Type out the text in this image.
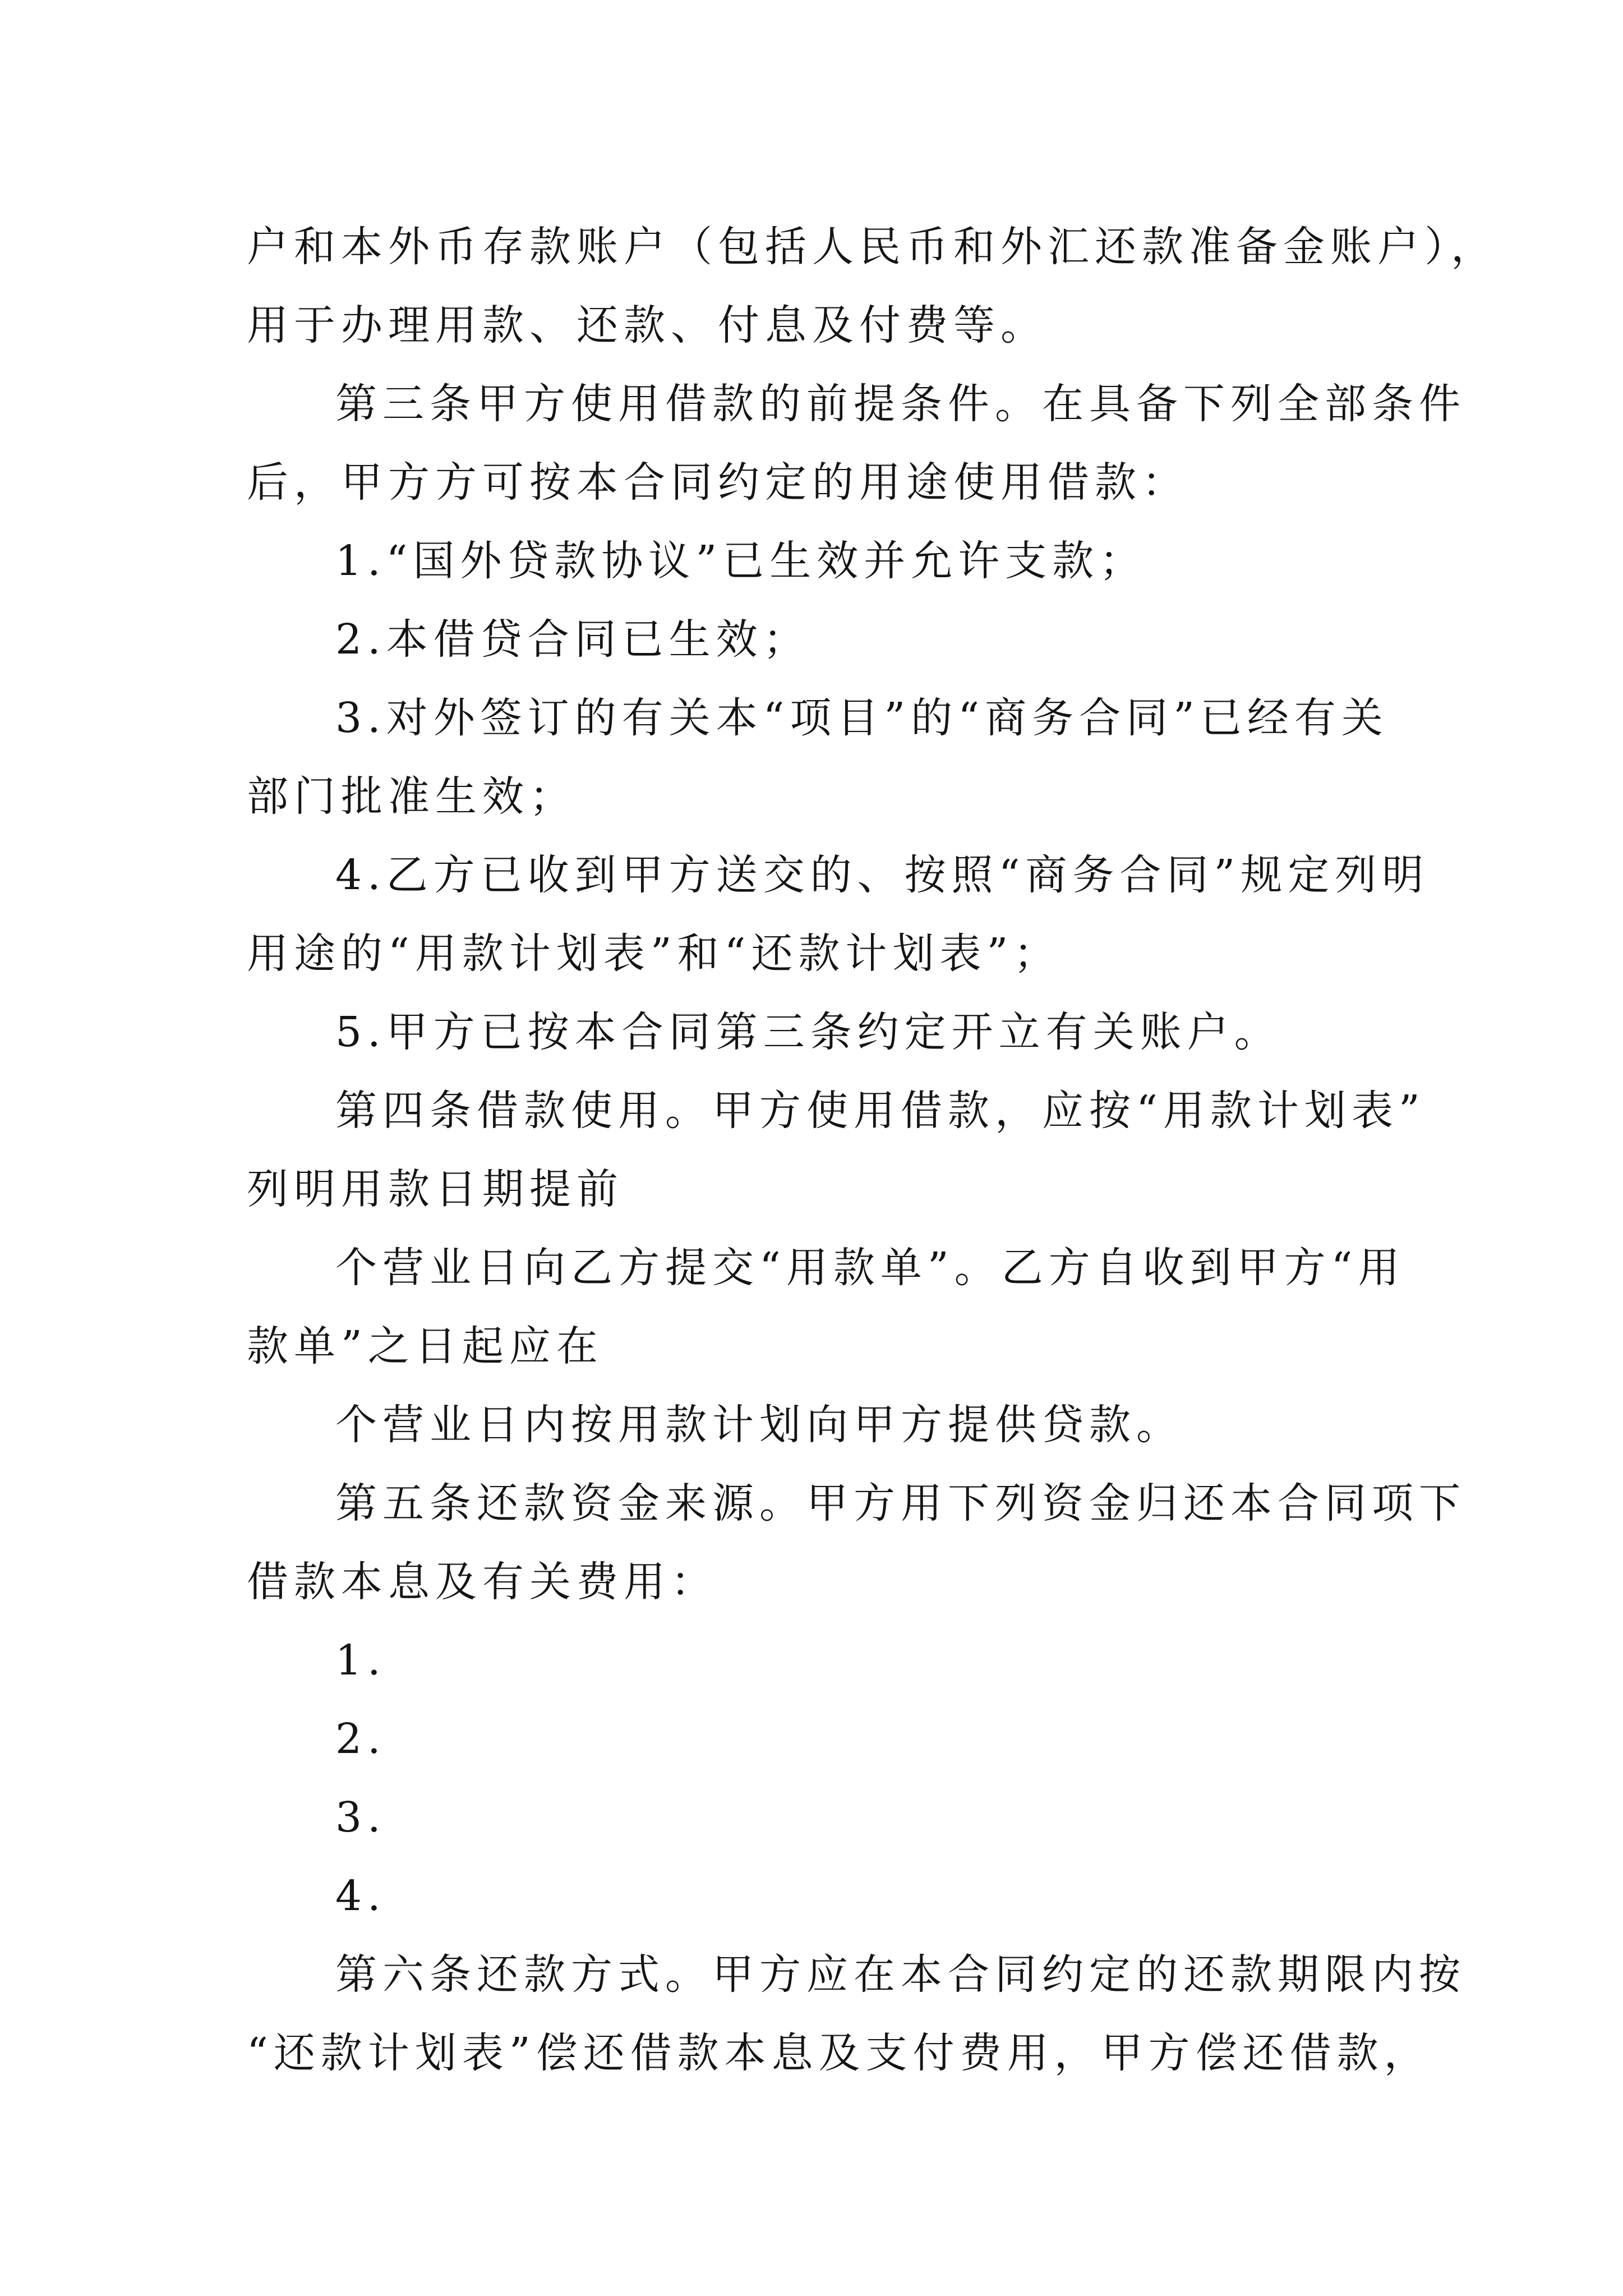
户和本外币存款账户（包括人民币和外汇还款准备金账户），
用于办理用款、还款、付息及付费等。
第三条甲方使用借款的前提条件。在具备下列全部条件
后，甲方方可按本合同约定的用途使用借款：
1.“国外贷款协议”已生效并允许支款；
2.本借贷合同已生效；
3.对外签订的有关本“项目”的“商务合同”已经有关
部门批准生效；
4.乙方已收到甲方送交的、按照“商务合同”规定列明
用途的“用款计划表”和“还款计划表”；
5.甲方已按本合同第三条约定开立有关账户。
第四条借款使用。甲方使用借款，应按“用款计划表”
列明用款日期提前
个营业日向乙方提交“用款单”。乙方自收到甲方“用
款单”之日起应在
个营业日内按用款计划向甲方提供贷款。
第五条还款资金来源。甲方用下列资金归还本合同项下
借款本息及有关费用：
1.
2.
3.
4.
第六条还款方式。甲方应在本合同约定的还款期限内按
“还款计划表”偿还借款本息及支付费用，甲方偿还借款，
